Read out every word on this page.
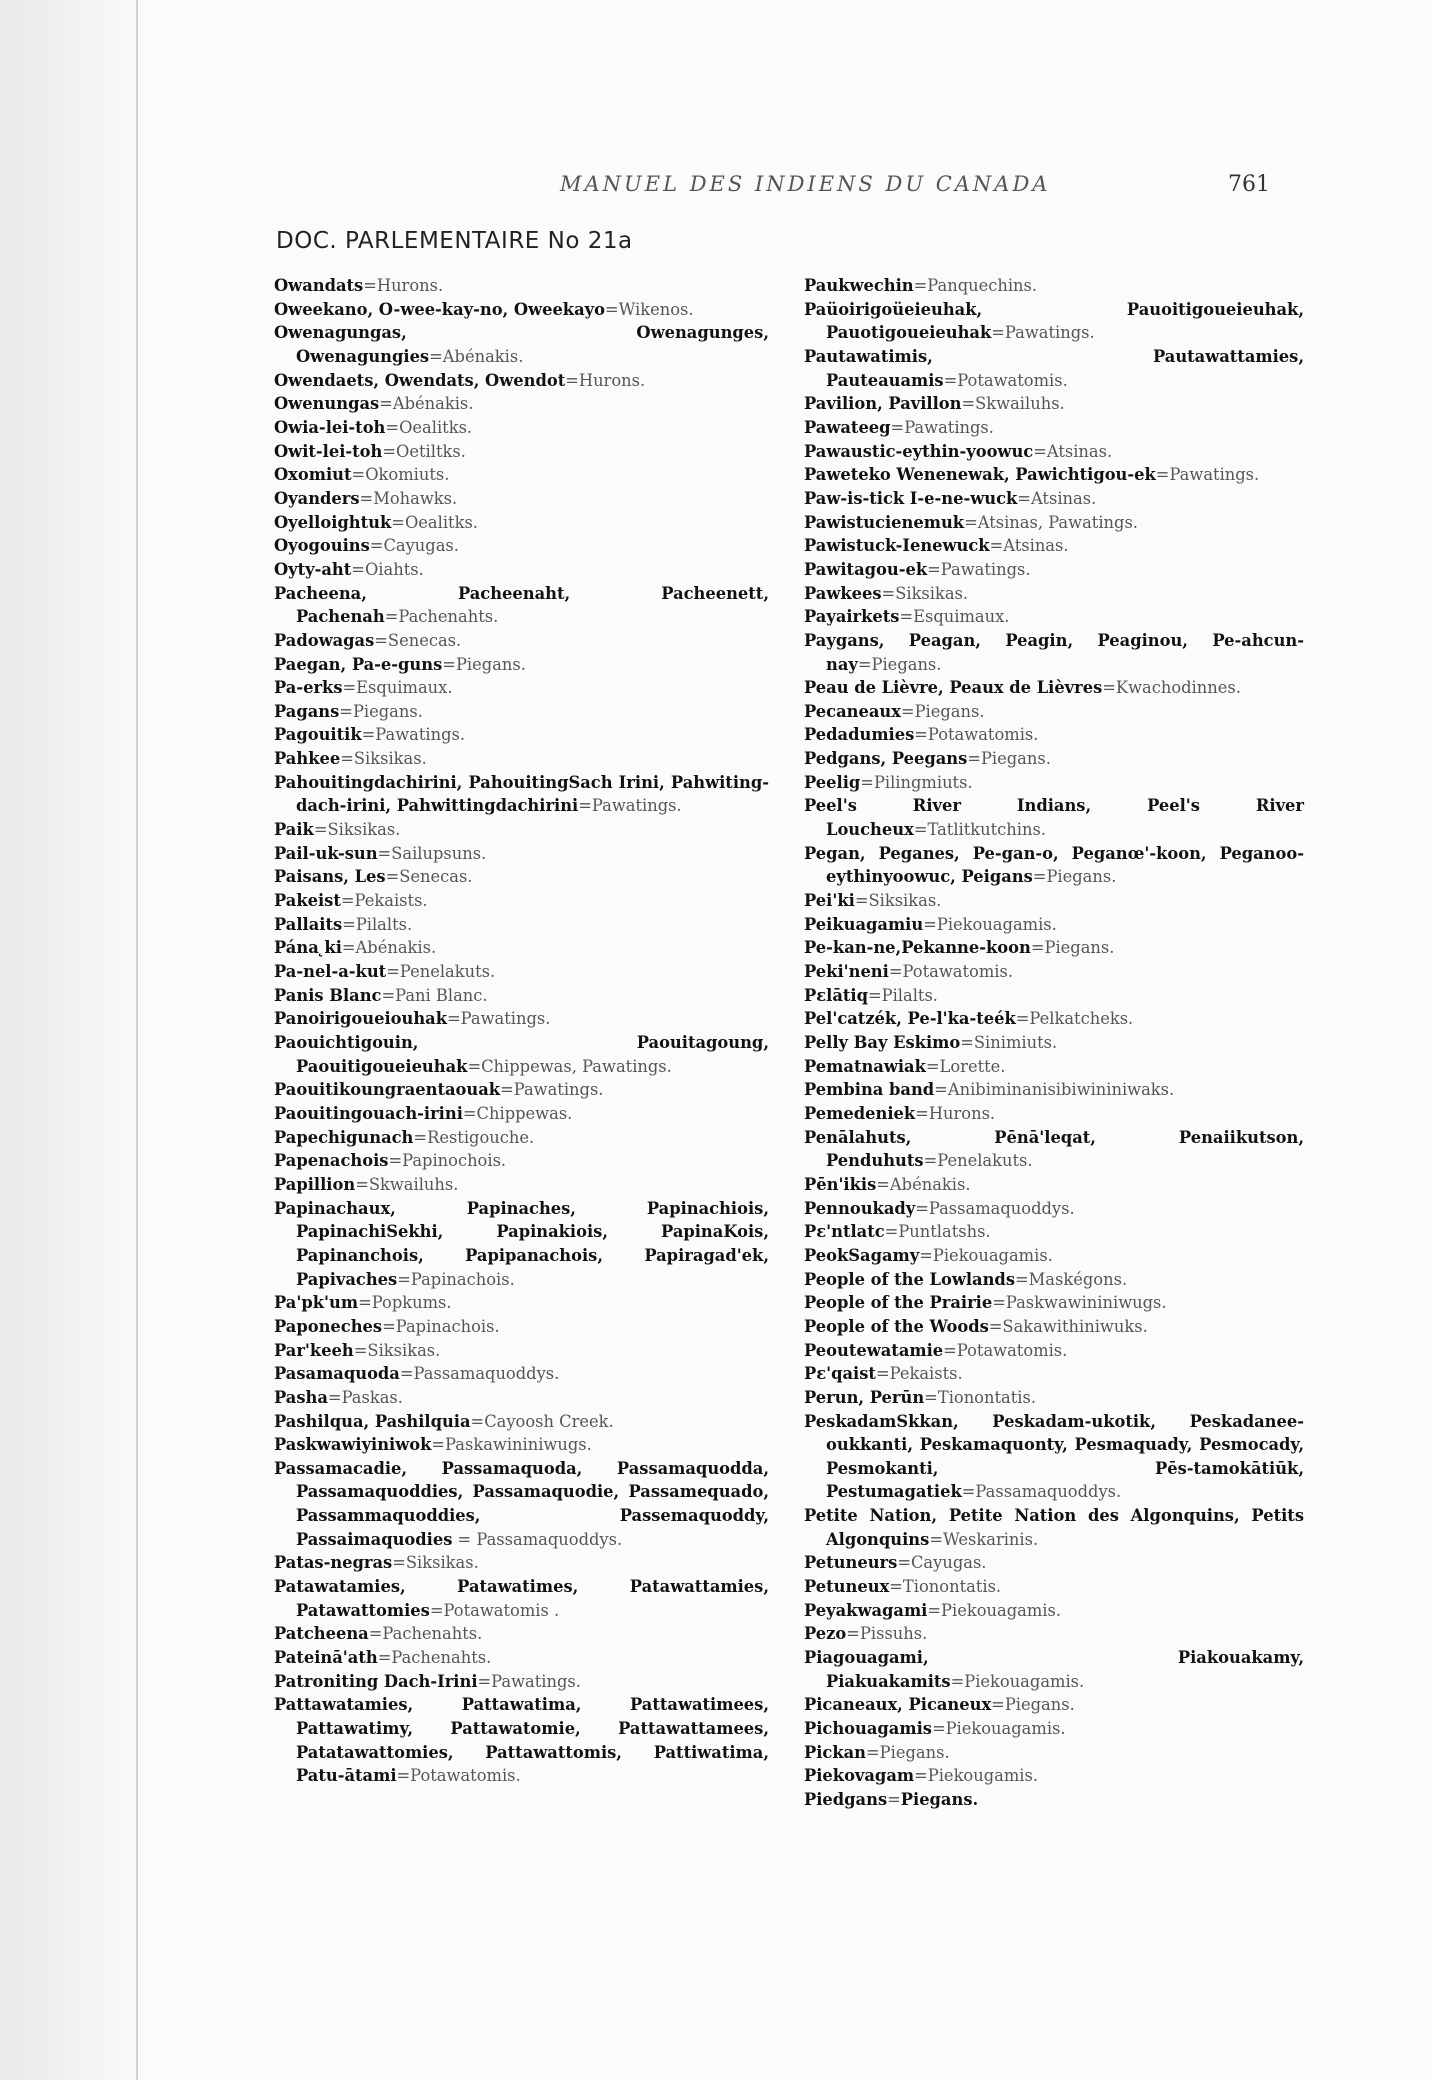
MANUEL DES INDIENS DU CANADA	761
DOC. PARLEMENTAIRE No 21a

Owandats=Hurons.

Oweekano, O-wee-kay-no, Oweekayo=Wikenos.

Owenagungas, Owenagunges, Owenagungies=Abénakis.

Owendaets, Owendats, Owendot=Hurons.

Owenungas=Abénakis.

Owia-lei-toh=Oealitks.

Owit-lei-toh=Oetiltks.

Oxomiut=Okomiuts.

Oyanders=Mohawks.

Oyelloightuk=Oealitks.

Oyogouins=Cayugas.

Oyty-aht=Oiahts.

Pacheena, Pacheenaht, Pacheenett, Pachenah=Pachenahts.

Padowagas=Senecas.

Paegan, Pa-e-guns=Piegans.

Pa-erks=Esquimaux.

Pagans=Piegans.

Pagouitik=Pawatings.

Pahkee=Siksikas.

Pahouitingdachirini, PahouitingSach Irini, Pahwiting-dach-irini, Pahwittingdachirini=Pawatings.

Paik=Siksikas.

Pail-uk-sun=Sailupsuns.

Paisans, Les=Senecas.

Pakeist=Pekaists.

Pallaits=Pilalts.

Pána ̨ki=Abénakis.

Pa-nel-a-kut=Penelakuts.

Panis Blanc=Pani Blanc.

Panoirigoueiouhak=Pawatings.

Paouichtigouin, Paouitagoung, Paouitigoueieuhak=Chippewas, Pawatings.

Paouitikoungraentaouak=Pawatings.

Paouitingouach-irini=Chippewas.

Papechigunach=Restigouche.

Papenachois=Papinochois.

Papillion=Skwailuhs.

Papinachaux, Papinaches, Papinachiois, PapinachiSekhi, Papinakiois, PapinaKois, Papinanchois, Papipanachois, Papiragad'ek, Papivaches=Papinachois.

Pa'pk'um=Popkums.

Paponeches=Papinachois.

Par'keeh=Siksikas.

Pasamaquoda=Passamaquoddys.

Pasha=Paskas.

Pashilqua, Pashilquia=Cayoosh Creek.

Paskwawiyiniwok=Paskawininiwugs.

Passamacadie, Passamaquoda, Passamaquodda, Passamaquoddies, Passamaquodie, Passamequado, Passammaquoddies, Passemaquoddy, Passaimaquodies = Passamaquoddys.

Patas-negras=Siksikas.

Patawatamies, Patawatimes, Patawattamies, Patawattomies=Potawatomis .

Patcheena=Pachenahts.

Pateinā'ath=Pachenahts.

Patroniting Dach-Irini=Pawatings.

Pattawatamies, Pattawatima, Pattawatimees, Pattawatimy, Pattawatomie, Pattawattamees, Patatawattomies, Pattawattomis, Pattiwatima, Patu-ātami=Potawatomis.

Paukwechin=Panquechins.

Paüoirigoüeieuhak, Pauoitigoueieuhak, Pauotigoueieuhak=Pawatings.

Pautawatimis, Pautawattamies, Pauteauamis=Potawatomis.

Pavilion, Pavillon=Skwailuhs.

Pawateeg=Pawatings.

Pawaustic-eythin-yoowuc=Atsinas.

Paweteko Wenenewak, Pawichtigou-ek=Pawatings.

Paw-is-tick I-e-ne-wuck=Atsinas.

Pawistucienemuk=Atsinas, Pawatings.

Pawistuck-Ienewuck=Atsinas.

Pawitagou-ek=Pawatings.

Pawkees=Siksikas.

Payairkets=Esquimaux.

Paygans, Peagan, Peagin, Peaginou, Pe-ahcun-nay=Piegans.

Peau de Lièvre, Peaux de Lièvres=Kwachodinnes.

Pecaneaux=Piegans.

Pedadumies=Potawatomis.

Pedgans, Peegans=Piegans.

Peelig=Pilingmiuts.

Peel's River Indians, Peel's River Loucheux=Tatlitkutchins.

Pegan, Peganes, Pe-gan-o, Peganœ'-koon, Peganoo-eythinyoowuc, Peigans=Piegans.

Pei'ki=Siksikas.

Peikuagamiu=Piekouagamis.

Pe-kan-ne,Pekanne-koon=Piegans.

Peki'neni=Potawatomis.

Pɛlātiq=Pilalts.

Pel'catzék, Pe-l'ka-teék=Pelkatcheks.

Pelly Bay Eskimo=Sinimiuts.

Pematnawiak=Lorette.

Pembina band=Anibiminanisibiwininiwaks.

Pemedeniek=Hurons.

Penālahuts, Pēnā'leqat, Penaiikutson, Penduhuts=Penelakuts.

Pēn'ikis=Abénakis.

Pennoukady=Passamaquoddys.

Pɛ'ntlatc=Puntlatshs.

PeokSagamy=Piekouagamis.

People of the Lowlands=Maskégons.

People of the Prairie=Paskwawininiwugs.

People of the Woods=Sakawithiniwuks.

Peoutewatamie=Potawatomis.

Pɛ'qaist=Pekaists.

Perun, Perūn=Tionontatis.

PeskadamSkkan, Peskadam-ukotik, Peskadanee-oukkanti, Peskamaquonty, Pesmaquady, Pesmocady, Pesmokanti, Pēs-tamokātiūk, Pestumagatiek=Passamaquoddys.

Petite Nation, Petite Nation des Algonquins, Petits Algonquins=Weskarinis.

Petuneurs=Cayugas.

Petuneux=Tionontatis.

Peyakwagami=Piekouagamis.

Pezo=Pissuhs.

Piagouagami, Piakouakamy, Piakuakamits=Piekouagamis.

Picaneaux, Picaneux=Piegans.

Pichouagamis=Piekouagamis.

Pickan=Piegans.

Piekovagam=Piekougamis.

Piedgans=Piegans.
